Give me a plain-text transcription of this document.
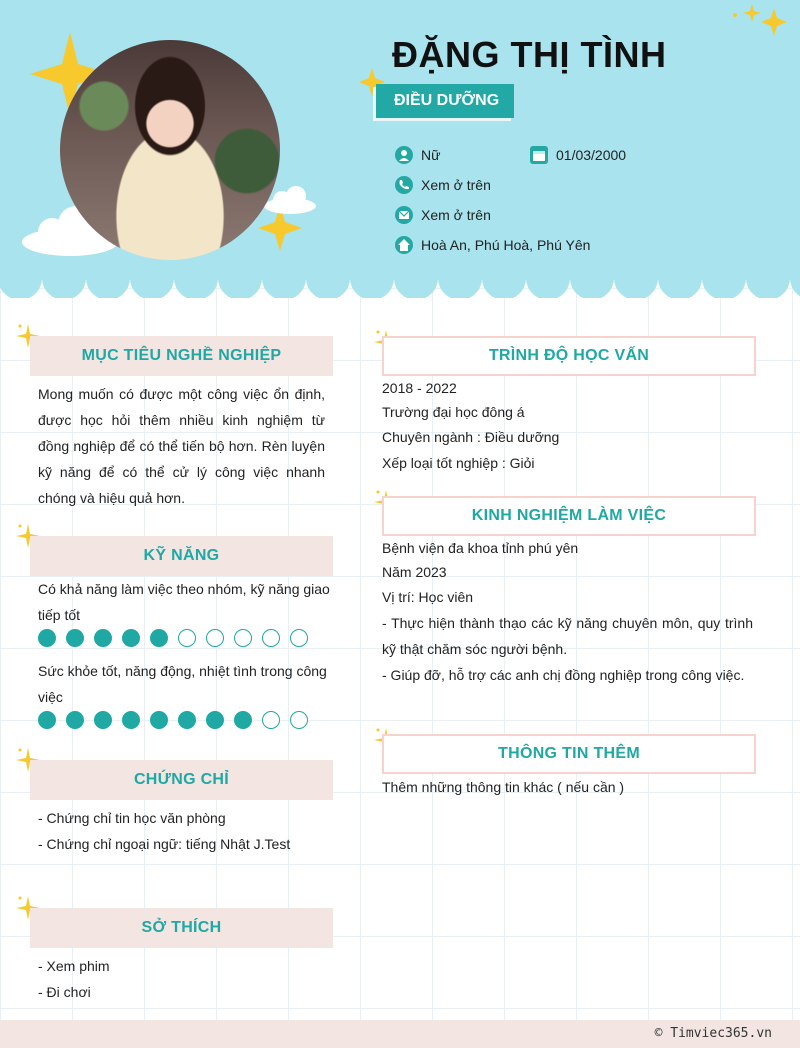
ĐẶNG THỊ TÌNH
ĐIỀU DƯỠNG
Nữ	01/03/2000
Xem ở trên
Xem ở trên
Hoà An, Phú Hoà, Phú Yên
MỤC TIÊU NGHỀ NGHIỆP
Mong muốn có được một công việc ổn định, được học hỏi thêm nhiều kinh nghiệm từ đồng nghiệp để có thể tiến bộ hơn. Rèn luyện kỹ năng để có thể cử lý công việc nhanh chóng và hiệu quả hơn.
KỸ NĂNG
Có khả năng làm việc theo nhóm, kỹ năng giao tiếp tốt
Sức khỏe tốt, năng động, nhiệt tình trong công việc
CHỨNG CHỈ
- Chứng chỉ tin học văn phòng
- Chứng chỉ ngoại ngữ: tiếng Nhật J.Test
SỞ THÍCH
- Xem phim
- Đi chơi
TRÌNH ĐỘ HỌC VẤN
2018 - 2022
Trường đại học đông á
Chuyên ngành : Điều dưỡng
Xếp loại tốt nghiệp : Giỏi
KINH NGHIỆM LÀM VIỆC
Bệnh viện đa khoa tỉnh phú yên
Năm 2023
Vị trí: Học viên
- Thực hiện thành thạo các kỹ năng chuyên môn, quy trình kỹ thật chăm sóc người bệnh.
- Giúp đỡ, hỗ trợ các anh chị đồng nghiệp trong công việc.
THÔNG TIN THÊM
Thêm những thông tin khác ( nếu cần )
© Timviec365.vn
